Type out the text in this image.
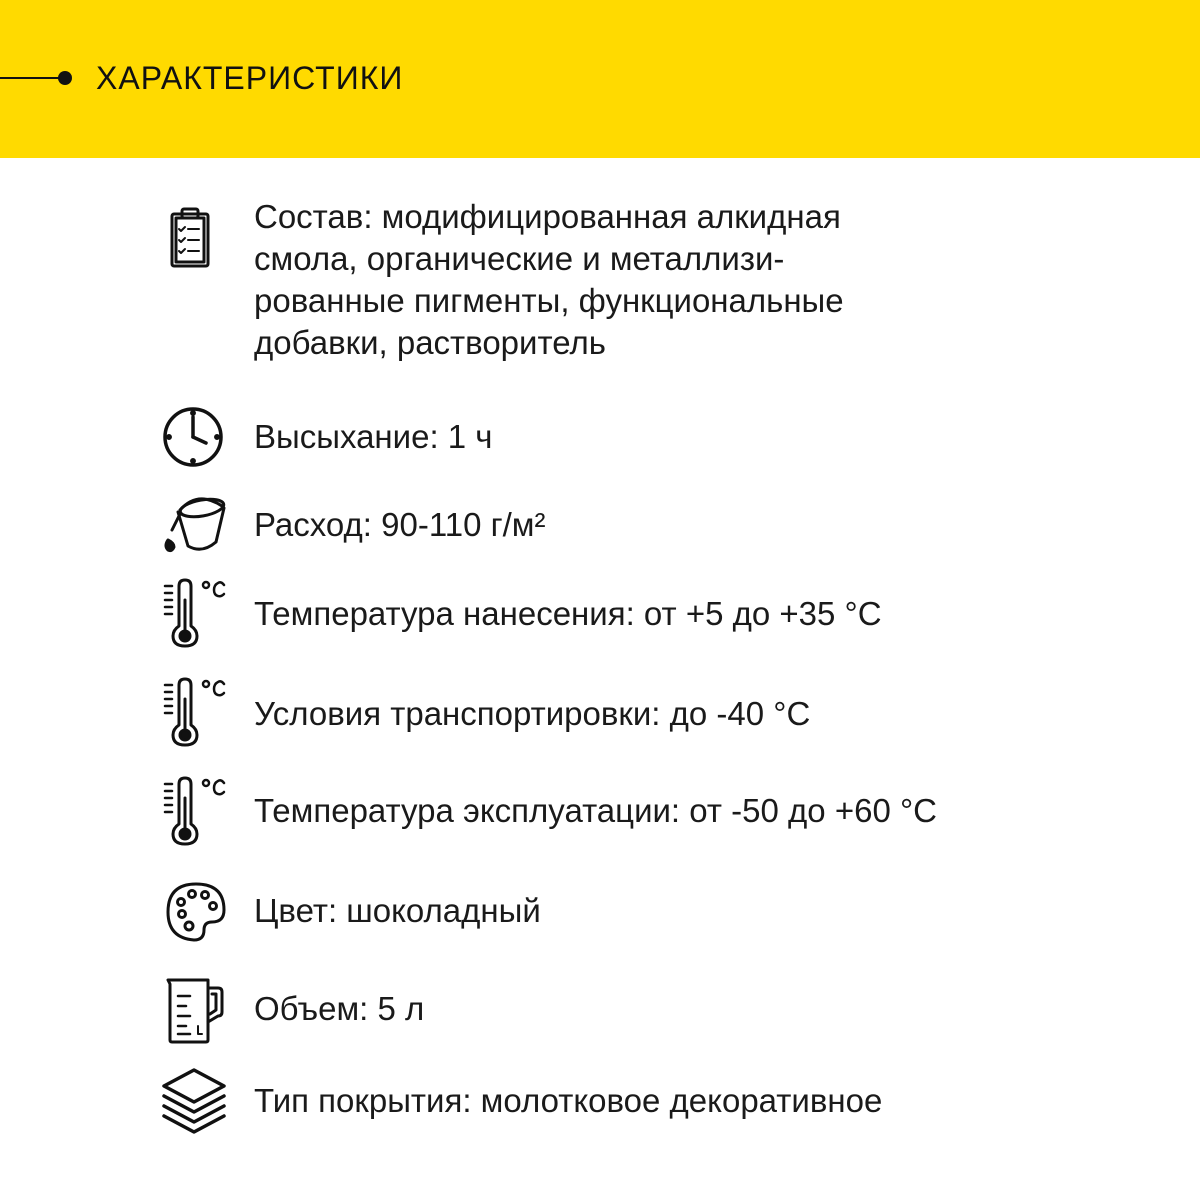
ХАРАКТЕРИСТИКИ
Состав: модифицированная алкидная
смола, органические и металлизи-
рованные пигменты, функциональные
добавки, растворитель
Высыхание: 1 ч
Расход: 90-110 г/м²
Температура нанесения: от +5 до +35 °С
Условия транспортировки: до -40 °С
Температура эксплуатации: от -50 до +60 °С
Цвет: шоколадный
Объем: 5 л
Тип покрытия: молотковое декоративное
